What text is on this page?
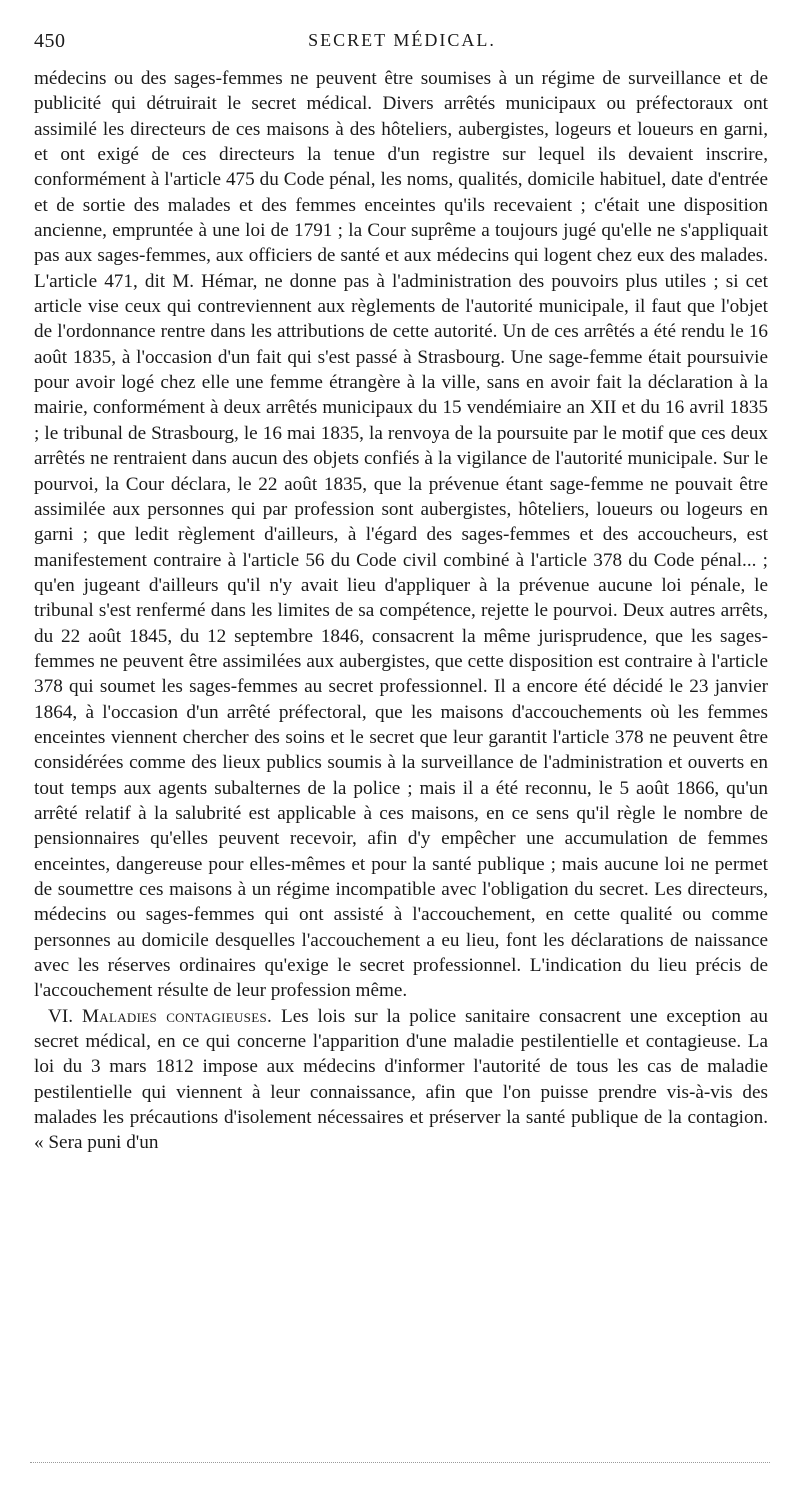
450	SECRET MÉDICAL.

médecins ou des sages-femmes ne peuvent être soumises à un régime de surveillance et de publicité qui détruirait le secret médical. Divers arrêtés municipaux ou préfectoraux ont assimilé les directeurs de ces maisons à des hôteliers, aubergistes, logeurs et loueurs en garni, et ont exigé de ces directeurs la tenue d'un registre sur lequel ils devaient inscrire, conformément à l'article 475 du Code pénal, les noms, qualités, domicile habituel, date d'entrée et de sortie des malades et des femmes enceintes qu'ils recevaient ; c'était une disposition ancienne, empruntée à une loi de 1791 ; la Cour suprême a toujours jugé qu'elle ne s'appliquait pas aux sages-femmes, aux officiers de santé et aux médecins qui logent chez eux des malades. L'article 471, dit M. Hémar, ne donne pas à l'administration des pouvoirs plus utiles ; si cet article vise ceux qui contreviennent aux règlements de l'autorité municipale, il faut que l'objet de l'ordonnance rentre dans les attributions de cette autorité. Un de ces arrêtés a été rendu le 16 août 1835, à l'occasion d'un fait qui s'est passé à Strasbourg. Une sage-femme était poursuivie pour avoir logé chez elle une femme étrangère à la ville, sans en avoir fait la déclaration à la mairie, conformément à deux arrêtés municipaux du 15 vendémiaire an XII et du 16 avril 1835 ; le tribunal de Strasbourg, le 16 mai 1835, la renvoya de la poursuite par le motif que ces deux arrêtés ne rentraient dans aucun des objets confiés à la vigilance de l'autorité municipale. Sur le pourvoi, la Cour déclara, le 22 août 1835, que la prévenue étant sage-femme ne pouvait être assimilée aux personnes qui par profession sont aubergistes, hôteliers, loueurs ou logeurs en garni ; que ledit règlement d'ailleurs, à l'égard des sages-femmes et des accoucheurs, est manifestement contraire à l'article 56 du Code civil combiné à l'article 378 du Code pénal... ; qu'en jugeant d'ailleurs qu'il n'y avait lieu d'appliquer à la prévenue aucune loi pénale, le tribunal s'est renfermé dans les limites de sa compétence, rejette le pourvoi. Deux autres arrêts, du 22 août 1845, du 12 septembre 1846, consacrent la même jurisprudence, que les sages-femmes ne peuvent être assimilées aux aubergistes, que cette disposition est contraire à l'article 378 qui soumet les sages-femmes au secret professionnel. Il a encore été décidé le 23 janvier 1864, à l'occasion d'un arrêté préfectoral, que les maisons d'accouchements où les femmes enceintes viennent chercher des soins et le secret que leur garantit l'article 378 ne peuvent être considérées comme des lieux publics soumis à la surveillance de l'administration et ouverts en tout temps aux agents subalternes de la police ; mais il a été reconnu, le 5 août 1866, qu'un arrêté relatif à la salubrité est applicable à ces maisons, en ce sens qu'il règle le nombre de pensionnaires qu'elles peuvent recevoir, afin d'y empêcher une accumulation de femmes enceintes, dangereuse pour elles-mêmes et pour la santé publique ; mais aucune loi ne permet de soumettre ces maisons à un régime incompatible avec l'obligation du secret. Les directeurs, médecins ou sages-femmes qui ont assisté à l'accouchement, en cette qualité ou comme personnes au domicile desquelles l'accouchement a eu lieu, font les déclarations de naissance avec les réserves ordinaires qu'exige le secret professionnel. L'indication du lieu précis de l'accouchement résulte de leur profession même.

VI. Maladies contagieuses. Les lois sur la police sanitaire consacrent une exception au secret médical, en ce qui concerne l'apparition d'une maladie pestilentielle et contagieuse. La loi du 3 mars 1812 impose aux médecins d'informer l'autorité de tous les cas de maladie pestilentielle qui viennent à leur connaissance, afin que l'on puisse prendre vis-à-vis des malades les précautions d'isolement nécessaires et préserver la santé publique de la contagion. « Sera puni d'un
